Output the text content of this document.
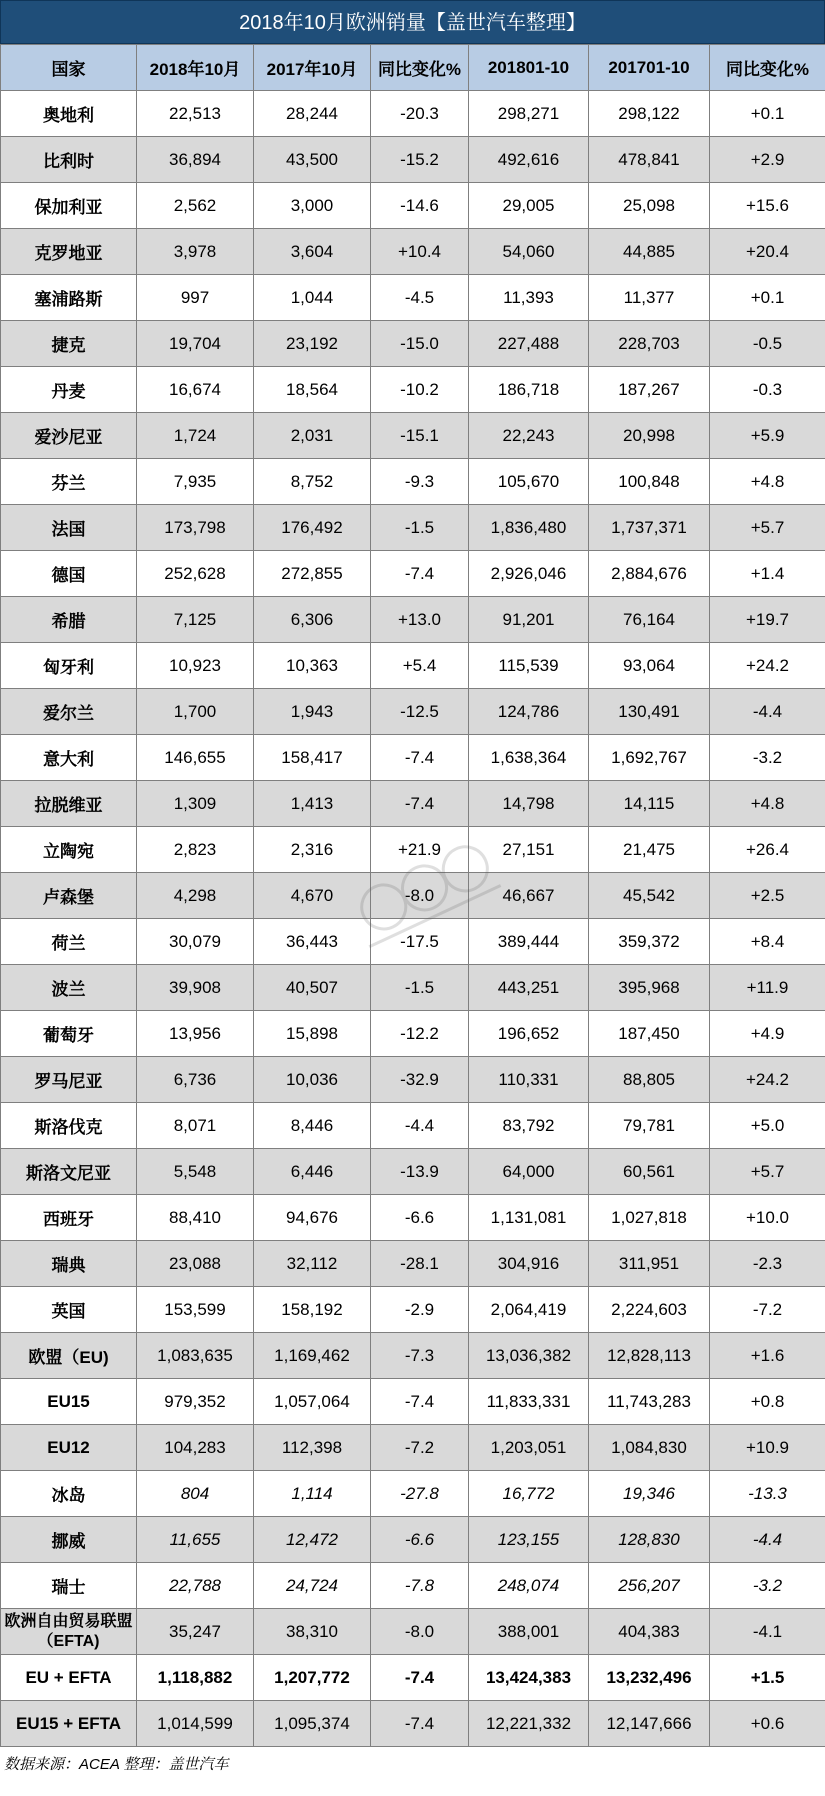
2018年10月欧洲销量【盖世汽车整理】
国家	2018年10月	2017年10月	同比变化%	201801-10	201701-10	同比变化%
奥地利	22,513	28,244	-20.3	298,271	298,122	+0.1
比利时	36,894	43,500	-15.2	492,616	478,841	+2.9
保加利亚	2,562	3,000	-14.6	29,005	25,098	+15.6
克罗地亚	3,978	3,604	+10.4	54,060	44,885	+20.4
塞浦路斯	997	1,044	-4.5	11,393	11,377	+0.1
捷克	19,704	23,192	-15.0	227,488	228,703	-0.5
丹麦	16,674	18,564	-10.2	186,718	187,267	-0.3
爱沙尼亚	1,724	2,031	-15.1	22,243	20,998	+5.9
芬兰	7,935	8,752	-9.3	105,670	100,848	+4.8
法国	173,798	176,492	-1.5	1,836,480	1,737,371	+5.7
德国	252,628	272,855	-7.4	2,926,046	2,884,676	+1.4
希腊	7,125	6,306	+13.0	91,201	76,164	+19.7
匈牙利	10,923	10,363	+5.4	115,539	93,064	+24.2
爱尔兰	1,700	1,943	-12.5	124,786	130,491	-4.4
意大利	146,655	158,417	-7.4	1,638,364	1,692,767	-3.2
拉脱维亚	1,309	1,413	-7.4	14,798	14,115	+4.8
立陶宛	2,823	2,316	+21.9	27,151	21,475	+26.4
卢森堡	4,298	4,670	-8.0	46,667	45,542	+2.5
荷兰	30,079	36,443	-17.5	389,444	359,372	+8.4
波兰	39,908	40,507	-1.5	443,251	395,968	+11.9
葡萄牙	13,956	15,898	-12.2	196,652	187,450	+4.9
罗马尼亚	6,736	10,036	-32.9	110,331	88,805	+24.2
斯洛伐克	8,071	8,446	-4.4	83,792	79,781	+5.0
斯洛文尼亚	5,548	6,446	-13.9	64,000	60,561	+5.7
西班牙	88,410	94,676	-6.6	1,131,081	1,027,818	+10.0
瑞典	23,088	32,112	-28.1	304,916	311,951	-2.3
英国	153,599	158,192	-2.9	2,064,419	2,224,603	-7.2
欧盟（EU)	1,083,635	1,169,462	-7.3	13,036,382	12,828,113	+1.6
EU15	979,352	1,057,064	-7.4	11,833,331	11,743,283	+0.8
EU12	104,283	112,398	-7.2	1,203,051	1,084,830	+10.9
冰岛	804	1,114	-27.8	16,772	19,346	-13.3
挪威	11,655	12,472	-6.6	123,155	128,830	-4.4
瑞士	22,788	24,724	-7.8	248,074	256,207	-3.2
欧洲自由贸易联盟（EFTA)	35,247	38,310	-8.0	388,001	404,383	-4.1
EU + EFTA	1,118,882	1,207,772	-7.4	13,424,383	13,232,496	+1.5
EU15 + EFTA	1,014,599	1,095,374	-7.4	12,221,332	12,147,666	+0.6
数据来源：ACEA 整理：盖世汽车
